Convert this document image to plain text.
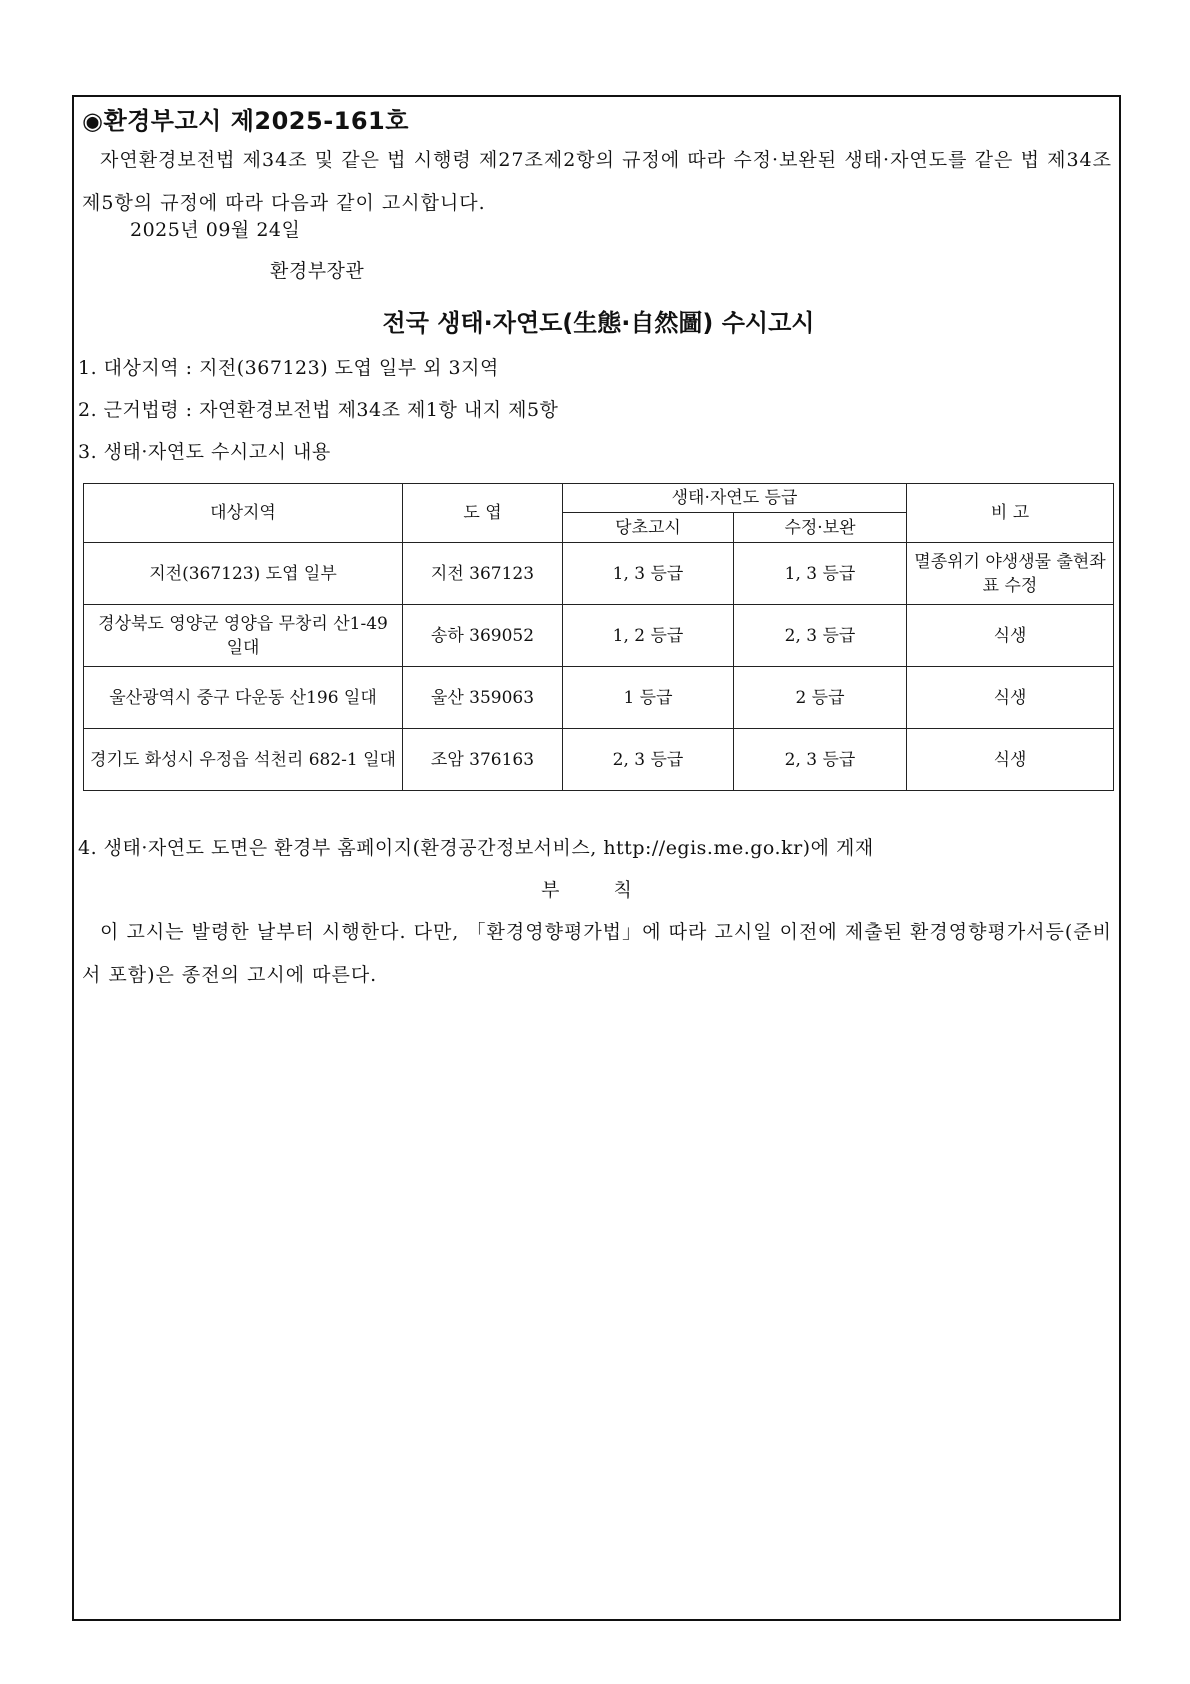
◉환경부고시 제2025-161호
자연환경보전법 제34조 및 같은 법 시행령 제27조제2항의 규정에 따라 수정·보완된 생태·자연도를 같은 법 제34조제5항의 규정에 따라 다음과 같이 고시합니다.
2025년 09월 24일
환경부장관
전국 생태·자연도(生態·自然圖) 수시고시
1. 대상지역 : 지전(367123) 도엽 일부 외 3지역
2. 근거법령 : 자연환경보전법 제34조 제1항 내지 제5항
3. 생태·자연도 수시고시 내용
대상지역	도 엽	생태·자연도 등급		비 고
		당초고시	수정·보완	
지전(367123) 도엽 일부	지전 367123	1, 3 등급	1, 3 등급	멸종위기 야생생물 출현좌표 수정
경상북도 영양군 영양읍 무창리 산1-49 일대	송하 369052	1, 2 등급	2, 3 등급	식생
울산광역시 중구 다운동 산196 일대	울산 359063	1 등급	2 등급	식생
경기도 화성시 우정읍 석천리 682-1 일대	조암 376163	2, 3 등급	2, 3 등급	식생
4. 생태·자연도 도면은 환경부 홈페이지(환경공간정보서비스, http://egis.me.go.kr)에 게재
부 칙
이 고시는 발령한 날부터 시행한다. 다만, 「환경영향평가법」에 따라 고시일 이전에 제출된 환경영향평가서등(준비서 포함)은 종전의 고시에 따른다.
